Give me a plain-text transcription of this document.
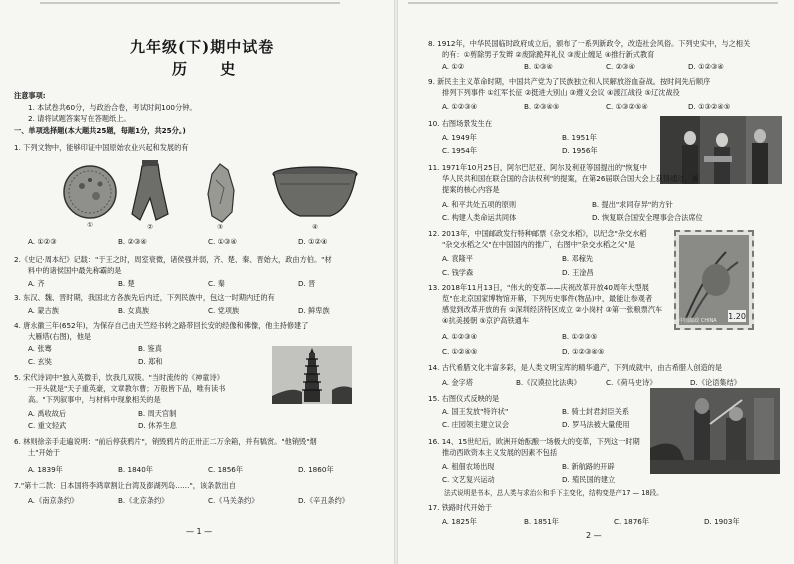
九年级(下)期中试卷
历 史
注意事项:
1. 本试卷共60分，与政治合卷，考试时间100分钟。
2. 请将试题答案写在答题纸上。
一、单项选择题(本大题共25题，每题1分，共25分。)
1. 下列文物中，能够印证中国原始农业兴起和发展的有
①	②	③	④
A. ①②③	B. ②③④	C. ①③④	D. ①②④
2.《史记·周本纪》记载："于王之时，周室衰微，诸侯强并弱，齐、楚、秦、晋始大，政由方伯。"材
料中的诸侯国中最先称霸的是
A. 齐	B. 楚	C. 秦	D. 晋
3. 东汉、魏、晋时期，我国北方各族先后内迁，下列民族中，包这一时期内迁的有
A. 蒙古族	B. 女真族	C. 党项族	D. 鲜卑族
4. 唐永徽三年(652年)，为保存自己由天竺经书转之路带回长安的经像和佛像，他主持修建了
大雁塔(右图)，他是
A. 张骞	B. 鉴真
C. 玄奘	D. 郑和
5. 宋代诗词中"独入英微手，饮我几双筷。"当时流传的《神童诗》
一开头就是"天子重英豪，文章教尔曹；万般皆下品，唯有读书
高。"下列叙事中，与材料中现象相关的是
A. 禹收故后	B. 周天官制
C. 重文轻武	D. 休养生息
6. 林则徐亲手走遍说明："前后停获鸦片"，销毁鸦片的正卅正二万余箱，并有犒赏。"他销毁"烟
土"开始于
A. 1839年	B. 1840年	C. 1856年	D. 1860年
7."第十二款：日本国将李鸿章割让台湾及澎湖列岛……"，该条款出自
A.《南京条约》	B.《北京条约》	C.《马关条约》	D.《辛丑条约》
— 1 —
8. 1912年，中华民国临时政府成立后，颁布了一系列新政令，改造社会风俗。下列史实中，与之相关
的有：①剪除男子发辫 ②废除跪拜礼仪 ③废止缠足 ④推行新式教育
A. ①②	B. ①③④	C. ②③④	D. ①②③④
9. 新民主主义革命时期，中国共产党为了民族独立和人民解放浴血奋战。按时间先后顺序
排列下列事件 ①红军长征 ②挺进大别山 ③遵义会议 ④渡江战役 ⑤辽沈战役
A. ①②③④	B. ②③④⑤	C. ①③②⑤④	D. ①③②④⑤
10. 右图场景发生在
A. 1949年	B. 1951年
C. 1954年	D. 1956年
11. 1971年10月25日，阿尔巴尼亚、阿尔及利亚等国提出的"恢复中
华人民共和国在联合国的合法权利"的提案，在第26届联合国大会上获得通过，该
提案的核心内容是
A. 和平共处五项的原则	B. 提出"求同存异"的方针
C. 构建人类命运共同体	D. 恢复联合国安全理事会合法席位
12. 2013年，中国邮政发行特种邮票《杂交水稻》，以纪念"杂交水稻
"杂交水稻之父"在中国国内的推广，右图中"杂交水稻之父"是
A. 袁隆平	B. 邓稼先
C. 钱学森	D. 王淦昌
1.20
中国邮政 CHINA
13. 2018年11月13日，"伟大的变革——庆祝改革开放40周年大型展
览"在北京国家博物馆开幕，下列历史事件(物品)中，最能让参观者
感觉到改革开放的有 ①深圳经济特区成立 ②小岗村 ③第一张粮票汽车
④抗美援朝 ⑤京沪高铁通车
A. ①②③④	B. ①②③⑤
C. ①②④⑤	D. ①②③④⑤
14. 古代希腊文化丰富多彩，是人类文明宝库的精华遗产，下列成就中，由古希腊人创造的是
A. 金字塔	B.《汉谟拉比法典》	C.《荷马史诗》	D.《论语集结》
15. 右图仪式反映的是
A. 国王发放"特许状"	B. 骑士封君封臣关系
C. 庄园领主建立议会	D. 罗马法被大量使用
16. 14、15世纪后，欧洲开始酝酿一场极大的变革，下列这一时期
推动西欧资本主义发展的因素不包括
A. 租佃农场出现	B. 新航路的开辟
C. 文艺复兴运动	D. 殖民国的建立
法式说明是书本，总人类与求治公和手下主变化，结构变是产17 — 18段。
17. 铁路时代开始于
A. 1825年	B. 1851年	C. 1876年	D. 1903年
2 —
